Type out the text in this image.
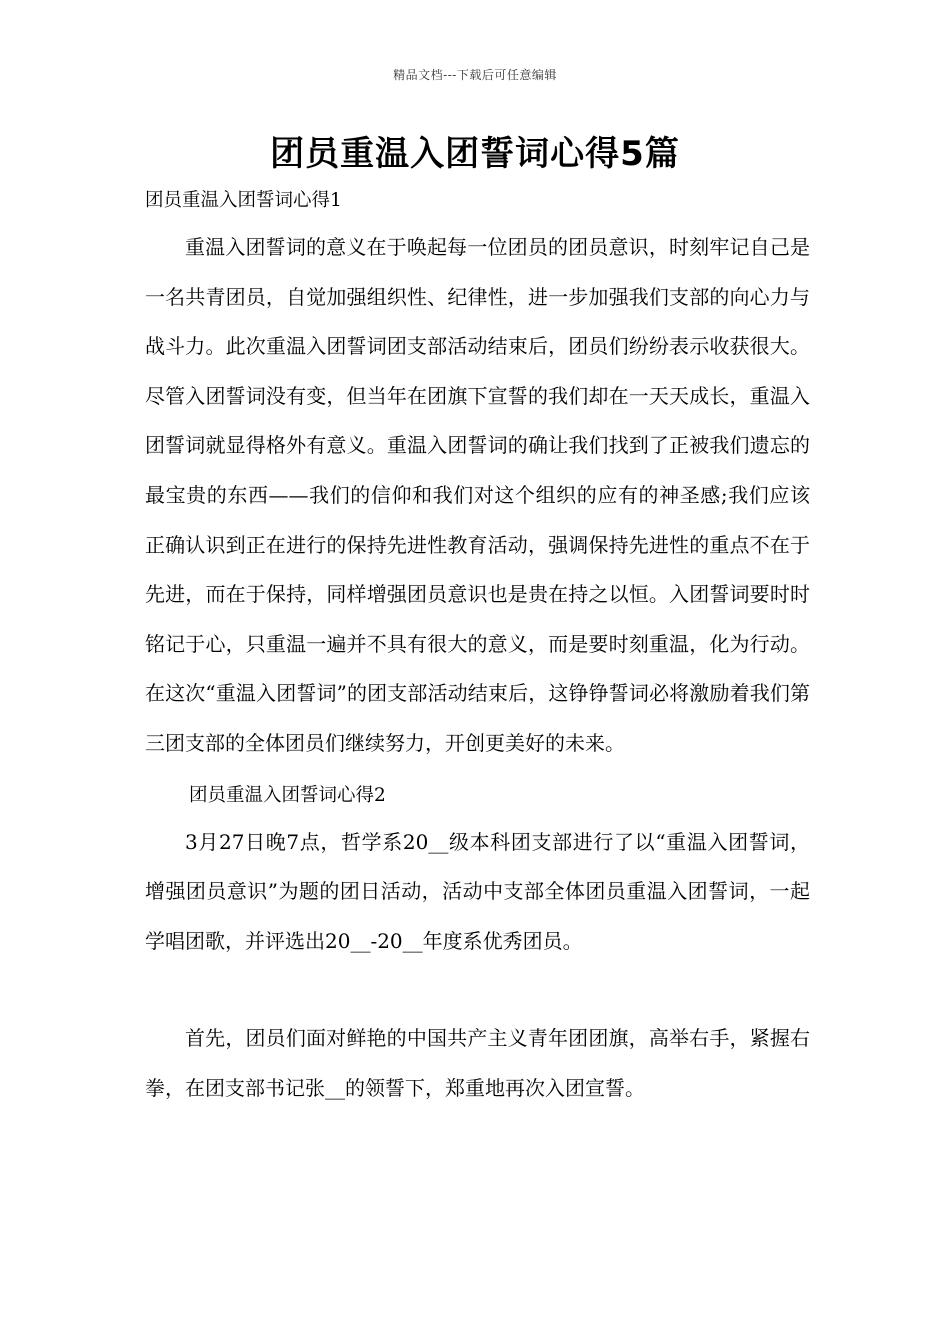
精品文档---下载后可任意编辑
团员重温入团誓词心得5篇

团员重温入团誓词心得1

重温入团誓词的意义在于唤起每一位团员的团员意识，时刻牢记自己是一名共青团员，自觉加强组织性、纪律性，进一步加强我们支部的向心力与战斗力。此次重温入团誓词团支部活动结束后，团员们纷纷表示收获很大。尽管入团誓词没有变，但当年在团旗下宣誓的我们却在一天天成长，重温入团誓词就显得格外有意义。重温入团誓词的确让我们找到了正被我们遗忘的最宝贵的东西——我们的信仰和我们对这个组织的应有的神圣感;我们应该正确认识到正在进行的保持先进性教育活动，强调保持先进性的重点不在于先进，而在于保持，同样增强团员意识也是贵在持之以恒。入团誓词要时时铭记于心，只重温一遍并不具有很大的意义，而是要时刻重温，化为行动。在这次“重温入团誓词”的团支部活动结束后，这铮铮誓词必将激励着我们第三团支部的全体团员们继续努力，开创更美好的未来。

团员重温入团誓词心得2

3月27日晚7点，哲学系20__级本科团支部进行了以“重温入团誓词，增强团员意识”为题的团日活动，活动中支部全体团员重温入团誓词，一起学唱团歌，并评选出20__-20__年度系优秀团员。

首先，团员们面对鲜艳的中国共产主义青年团团旗，高举右手，紧握右拳，在团支部书记张__的领誓下，郑重地再次入团宣誓。
